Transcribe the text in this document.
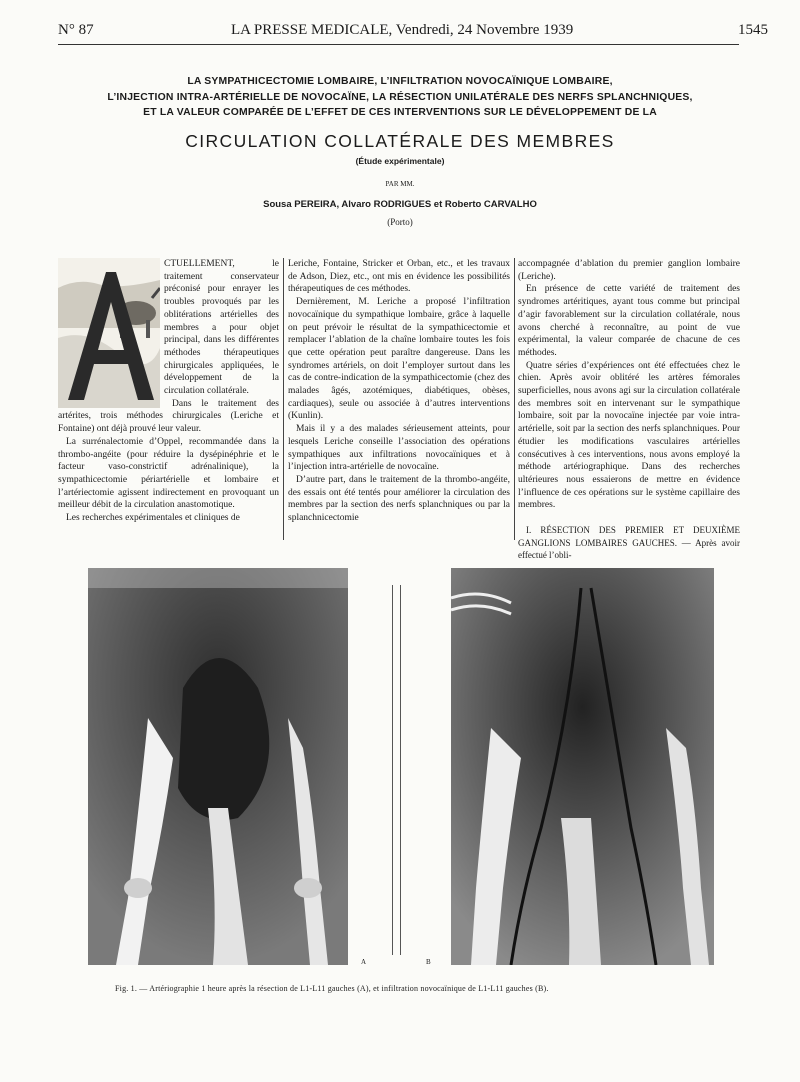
N° 87	LA PRESSE MEDICALE, Vendredi, 24 Novembre 1939	1545
LA SYMPATHICECTOMIE LOMBAIRE, L’INFILTRATION NOVOCAÏNIQUE LOMBAIRE,
L’INJECTION INTRA-ARTÉRIELLE DE NOVOCAÏNE, LA RÉSECTION UNILATÉRALE DES NERFS SPLANCHNIQUES,
ET LA VALEUR COMPARÉE DE L’EFFET DE CES INTERVENTIONS SUR LE DÉVELOPPEMENT DE LA
CIRCULATION COLLATÉRALE DES MEMBRES
(Étude expérimentale)
PAR MM.
Sousa PEREIRA, Alvaro RODRIGUES et Roberto CARVALHO
(Porto)

CTUELLEMENT, le traitement conservateur préconisé pour enrayer les troubles provoqués par les oblitérations artérielles des membres a pour objet principal, dans les différentes méthodes thérapeutiques chirurgicales appliquées, le développement de la circulation collatérale.

Dans le traitement des artérites, trois méthodes chirurgicales (Leriche et Fontaine) ont déjà prouvé leur valeur.

La surrénalectomie d’Oppel, recommandée dans la thrombo-angéite (pour réduire la dysépinéphrie et le facteur vaso-constrictif adrénalinique), la sympathicectomie périartérielle et lombaire et l’artériectomie agissent indirectement en provoquant un meilleur débit de la circulation anastomotique.

Les recherches expérimentales et cliniques de

Leriche, Fontaine, Stricker et Orban, etc., et les travaux de Adson, Diez, etc., ont mis en évidence les possibilités thérapeutiques de ces méthodes.

Dernièrement, M. Leriche a proposé l’infiltration novocaïnique du sympathique lombaire, grâce à laquelle on peut prévoir le résultat de la sympathicectomie et remplacer l’ablation de la chaîne lombaire toutes les fois que cette opération peut paraître dangereuse. Dans les syndromes artériels, on doit l’employer surtout dans les cas de contre-indication de la sympathicectomie (chez des malades âgés, azotémiques, diabétiques, obèses, cardiaques), seule ou associée à d’autres interventions (Kunlin).

Mais il y a des malades sérieusement atteints, pour lesquels Leriche conseille l’association des opérations sympathiques aux infiltrations novocaïniques et à l’injection intra-artérielle de novocaïne.

D’autre part, dans le traitement de la thrombo-angéite, des essais ont été tentés pour améliorer la circulation des membres par la section des nerfs splanchniques ou par la splanchnicectomie

accompagnée d’ablation du premier ganglion lombaire (Leriche).

En présence de cette variété de traitement des syndromes artéritiques, ayant tous comme but principal d’agir favorablement sur la circulation collatérale, nous avons cherché à reconnaître, au point de vue expérimental, la valeur comparée de chacune de ces méthodes.

Quatre séries d’expériences ont été effectuées chez le chien. Après avoir oblitéré les artères fémorales superficielles, nous avons agi sur la circulation collatérale des membres soit en intervenant sur le sympathique lombaire, soit par la novocaïne injectée par voie intra-artérielle, soit par la section des nerfs splanchniques. Pour étudier les modifications vasculaires artérielles consécutives à ces interventions, nous avons employé la méthode artériographique. Dans des recherches ultérieures nous essaierons de mettre en évidence l’influence de ces opérations sur le système capillaire des membres.

I. RÉSECTION DES PREMIER ET DEUXIÈME GANGLIONS LOMBAIRES GAUCHES. — Après avoir effectué l’obli-

A	B
Fig. 1. — Artériographie 1 heure après la résection de L1-L11 gauches (A), et infiltration novocaïnique de L1-L11 gauches (B).
